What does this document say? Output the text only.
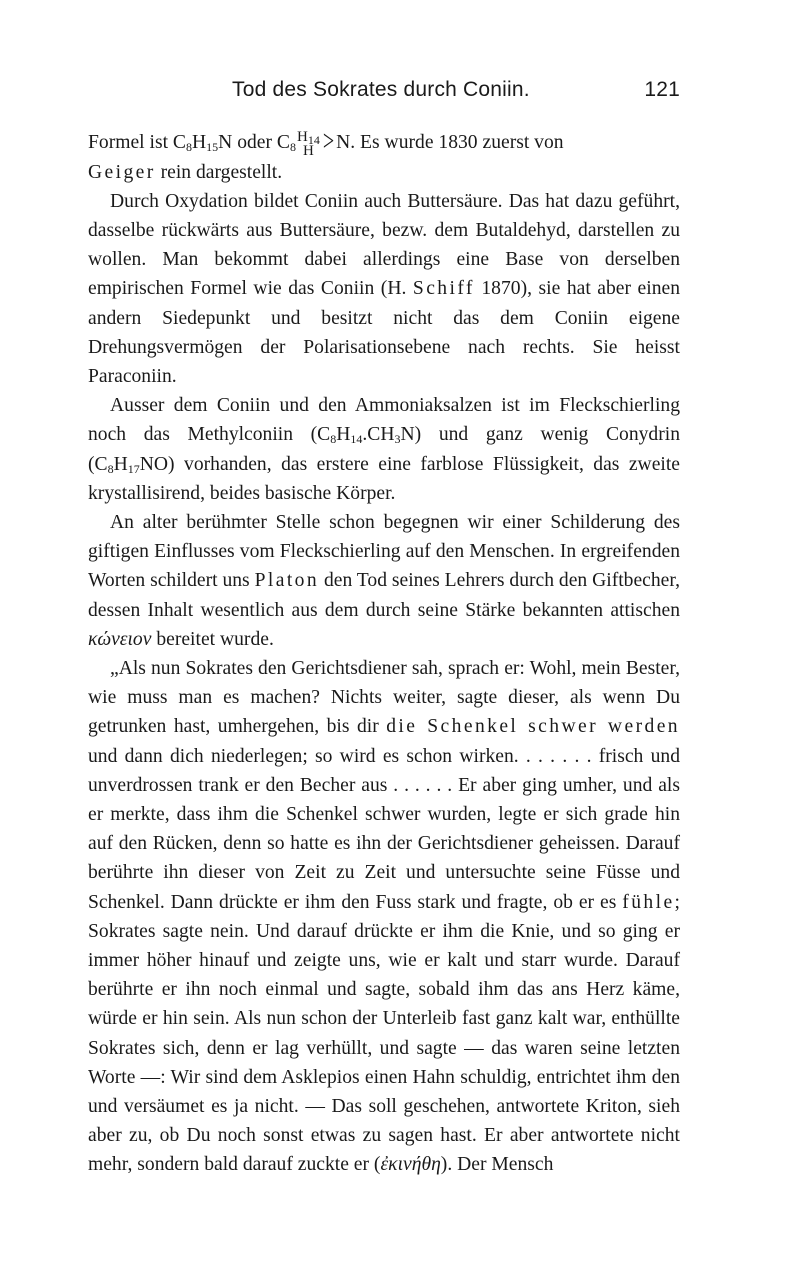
Tod des Sokrates durch Coniin.	121

Formel ist $C_8H_{15}N$ oder $C_8$
$H_{14}$
H > N. Es wurde 1830 zuerst von
Geiger rein dargestellt.

Durch Oxydation bildet Coniin auch Buttersäure. Das hat dazu geführt, dasselbe rückwärts aus Buttersäure, bezw. dem Butaldehyd, darstellen zu wollen. Man bekommt dabei allerdings eine Base von derselben empirischen Formel wie das Coniin (H. Schiff 1870), sie hat aber einen andern Siedepunkt und besitzt nicht das dem Coniin eigene Drehungsvermögen der Polarisationsebene nach rechts. Sie heisst Paraconiin.

Ausser dem Coniin und den Ammoniaksalzen ist im Fleckschierling noch das Methylconiin $(C_8H_{14}.CH_3N)$ und ganz wenig Conydrin $(C_8H_{17}NO)$ vorhanden, das erstere eine farblose Flüssigkeit, das zweite krystallisirend, beides basische Körper.

An alter berühmter Stelle schon begegnen wir einer Schilderung des giftigen Einflusses vom Fleckschierling auf den Menschen. In ergreifenden Worten schildert uns Platon den Tod seines Lehrers durch den Giftbecher, dessen Inhalt wesentlich aus dem durch seine Stärke bekannten attischen κώνειον bereitet wurde.

„Als nun Sokrates den Gerichtsdiener sah, sprach er: Wohl, mein Bester, wie muss man es machen? Nichts weiter, sagte dieser, als wenn Du getrunken hast, umhergehen, bis dir die Schenkel schwer werden und dann dich niederlegen; so wird es schon wirken. . . . . . . frisch und unverdrossen trank er den Becher aus . . . . . . Er aber ging umher, und als er merkte, dass ihm die Schenkel schwer wurden, legte er sich grade hin auf den Rücken, denn so hatte es ihn der Gerichtsdiener geheissen. Darauf berührte ihn dieser von Zeit zu Zeit und untersuchte seine Füsse und Schenkel. Dann drückte er ihm den Fuss stark und fragte, ob er es fühle; Sokrates sagte nein. Und darauf drückte er ihm die Knie, und so ging er immer höher hinauf und zeigte uns, wie er kalt und starr wurde. Darauf berührte er ihn noch einmal und sagte, sobald ihm das ans Herz käme, würde er hin sein. Als nun schon der Unterleib fast ganz kalt war, enthüllte Sokrates sich, denn er lag verhüllt, und sagte — das waren seine letzten Worte —: Wir sind dem Asklepios einen Hahn schuldig, entrichtet ihm den und versäumet es ja nicht. — Das soll geschehen, antwortete Kriton, sieh aber zu, ob Du noch sonst etwas zu sagen hast. Er aber antwortete nicht mehr, sondern bald darauf zuckte er (ἐκινήθη). Der Mensch
